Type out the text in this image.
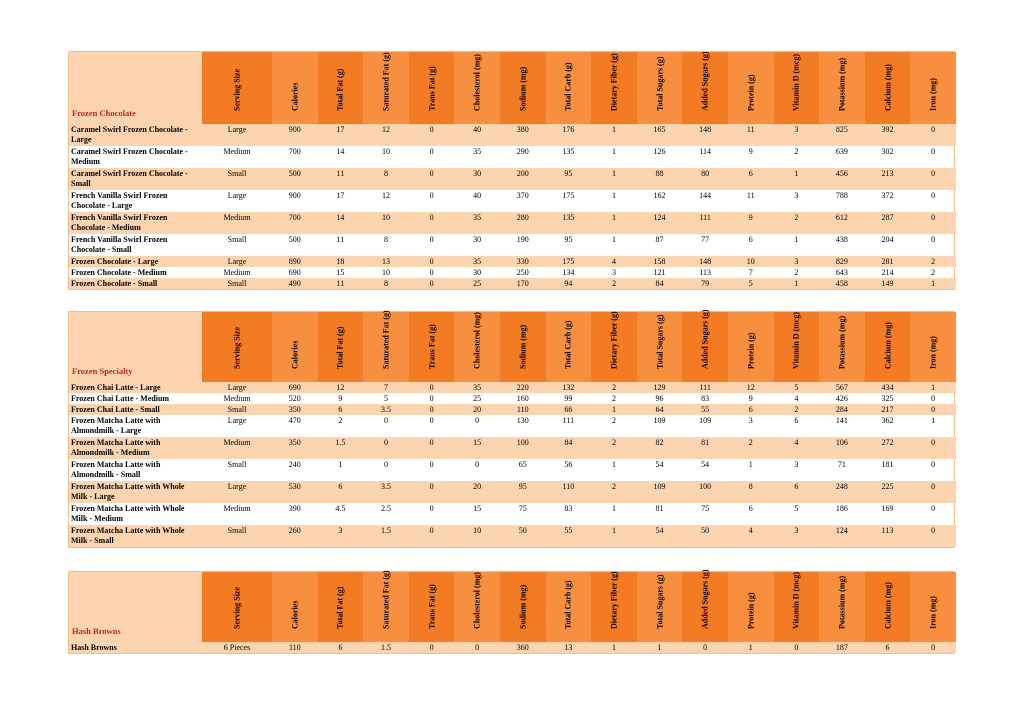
Frozen Chocolate	Serving Size	Calories	Total Fat (g)	Saturated Fat (g)	Trans Fat (g)	Cholesterol (mg)	Sodium (mg)	Total Carb (g)	Dietary Fiber (g)	Total Sugars (g)	Added Sugars (g)	Protein (g)	Vitamin D (mcg)	Potassium (mg)	Calcium (mg)	Iron (mg)

Caramel Swirl Frozen Chocolate - Large	Large	900	17	12	0	40	380	176	1	165	148	11	3	825	392	0
Caramel Swirl Frozen Chocolate - Medium	Medium	700	14	10	0	35	290	135	1	126	114	9	2	639	302	0
Caramel Swirl Frozen Chocolate - Small	Small	500	11	8	0	30	200	95	1	88	80	6	1	456	213	0
French Vanilla Swirl Frozen Chocolate - Large	Large	900	17	12	0	40	370	175	1	162	144	11	3	788	372	0
French Vanilla Swirl Frozen Chocolate - Medium	Medium	700	14	10	0	35	280	135	1	124	111	9	2	612	287	0
French Vanilla Swirl Frozen Chocolate - Small	Small	500	11	8	0	30	190	95	1	87	77	6	1	438	204	0
Frozen Chocolate - Large	Large	890	18	13	0	35	330	175	4	158	148	10	3	829	281	2
Frozen Chocolate - Medium	Medium	690	15	10	0	30	250	134	3	121	113	7	2	643	214	2
Frozen Chocolate - Small	Small	490	11	8	0	25	170	94	2	84	79	5	1	458	149	1
Frozen Specialty	Serving Size	Calories	Total Fat (g)	Saturated Fat (g)	Trans Fat (g)	Cholesterol (mg)	Sodium (mg)	Total Carb (g)	Dietary Fiber (g)	Total Sugars (g)	Added Sugars (g)	Protein (g)	Vitamin D (mcg)	Potassium (mg)	Calcium (mg)	Iron (mg)

Frozen Chai Latte - Large	Large	690	12	7	0	35	220	132	2	129	111	12	5	567	434	1
Frozen Chai Latte - Medium	Medium	520	9	5	0	25	160	99	2	96	83	9	4	426	325	0
Frozen Chai Latte - Small	Small	350	6	3.5	0	20	110	66	1	64	55	6	2	284	217	0
Frozen Matcha Latte with Almondmilk - Large	Large	470	2	0	0	0	130	111	2	109	109	3	6	141	362	1
Frozen Matcha Latte with Almondmilk - Medium	Medium	350	1.5	0	0	15	100	84	2	82	81	2	4	106	272	0
Frozen Matcha Latte with Almondmilk - Small	Small	240	1	0	0	0	65	56	1	54	54	1	3	71	181	0
Frozen Matcha Latte with Whole Milk - Large	Large	530	6	3.5	0	20	95	110	2	109	100	8	6	248	225	0
Frozen Matcha Latte with Whole Milk - Medium	Medium	390	4.5	2.5	0	15	75	83	1	81	75	6	5	186	169	0
Frozen Matcha Latte with Whole Milk - Small	Small	260	3	1.5	0	10	50	55	1	54	50	4	3	124	113	0
Hash Browns	Serving Size	Calories	Total Fat (g)	Saturated Fat (g)	Trans Fat (g)	Cholesterol (mg)	Sodium (mg)	Total Carb (g)	Dietary Fiber (g)	Total Sugars (g)	Added Sugars (g)	Protein (g)	Vitamin D (mcg)	Potassium (mg)	Calcium (mg)	Iron (mg)

Hash Browns	6 Pieces	110	6	1.5	0	0	360	13	1	1	0	1	0	187	6	0
